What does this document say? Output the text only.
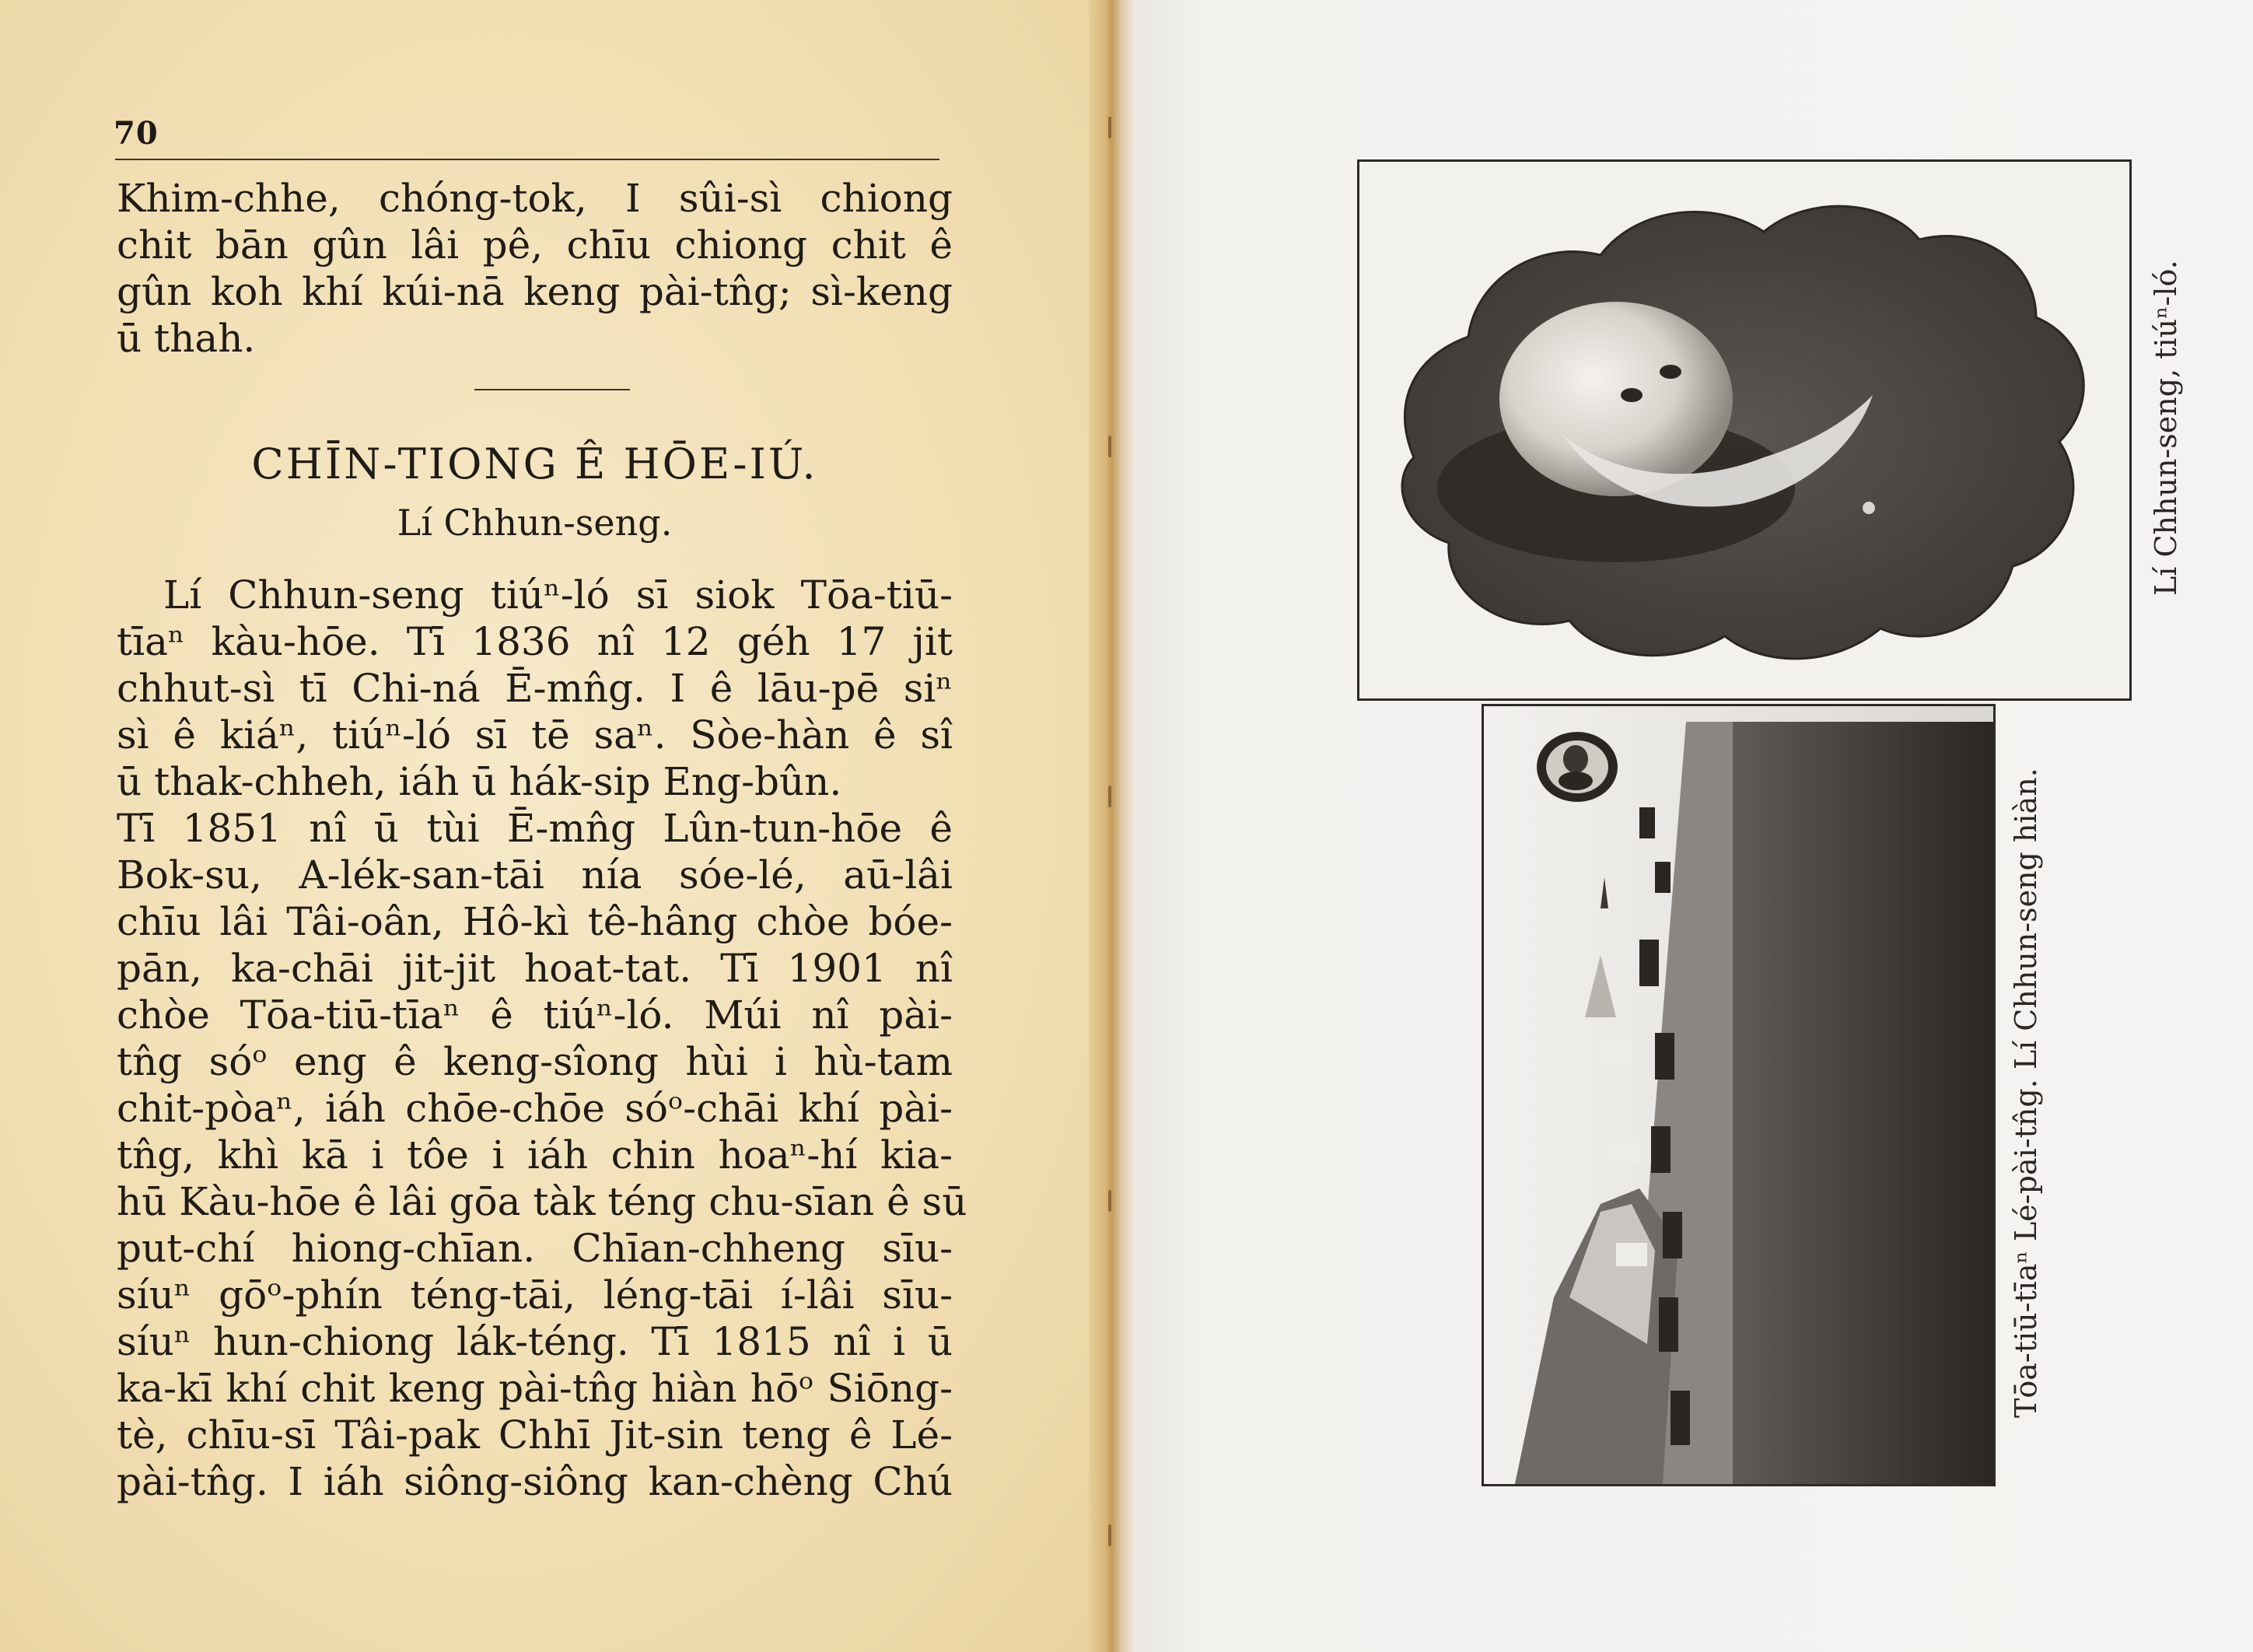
70
Khim-chhe, chóng-tok, I sûi-sì chiong
chit bān gûn lâi pê, chīu chiong chit ê
gûn koh khí kúi-nā keng pài-tn̂g; sì-keng
ū thah.
CHĪN-TIONG Ê HŌE-IÚ.
Lí Chhun-seng.
Lí Chhun-seng tiúⁿ-ló sī siok Tōa-tiū-
tīaⁿ kàu-hōe. Tī 1836 nî 12 géh 17 jit
chhut-sì tī Chi-ná Ē-mn̂g. I ê lāu-pē siⁿ
sì ê kiáⁿ, tiúⁿ-ló sī tē saⁿ. Sòe-hàn ê sî
ū thak-chheh, iáh ū hák-sip Eng-bûn.
Tī 1851 nî ū tùi Ē-mn̂g Lûn-tun-hōe ê
Bok-su, A-lék-san-tāi nía sóe-lé, aū-lâi
chīu lâi Tâi-oân, Hô-kì tê-hâng chòe bóe-
pān, ka-chāi jit-jit hoat-tat. Tī 1901 nî
chòe Tōa-tiū-tīaⁿ ê tiúⁿ-ló. Múi nî pài-
tn̂g sóᵒ eng ê keng-sîong hùi i hù-tam
chit-pòaⁿ, iáh chōe-chōe sóᵒ-chāi khí pài-
tn̂g, khì kā i tôe i iáh chin hoaⁿ-hí kia-
hū Kàu-hōe ê lâi gōa tàk téng chu-sīan ê sū
put-chí hiong-chīan. Chīan-chheng sīu-
síuⁿ gōᵒ-phín téng-tāi, léng-tāi í-lâi sīu-
síuⁿ hun-chiong lák-téng. Tī 1815 nî i ū
ka-kī khí chit keng pài-tn̂g hiàn hōᵒ Siōng-
tè, chīu-sī Tâi-pak Chhī Jit-sin teng ê Lé-
pài-tn̂g. I iáh siông-siông kan-chèng Chú
Lí Chhun-seng, tiúⁿ-ló.
Tōa-tiū-tīaⁿ Lé-pài-tn̂g. Lí Chhun-seng hiàn.
